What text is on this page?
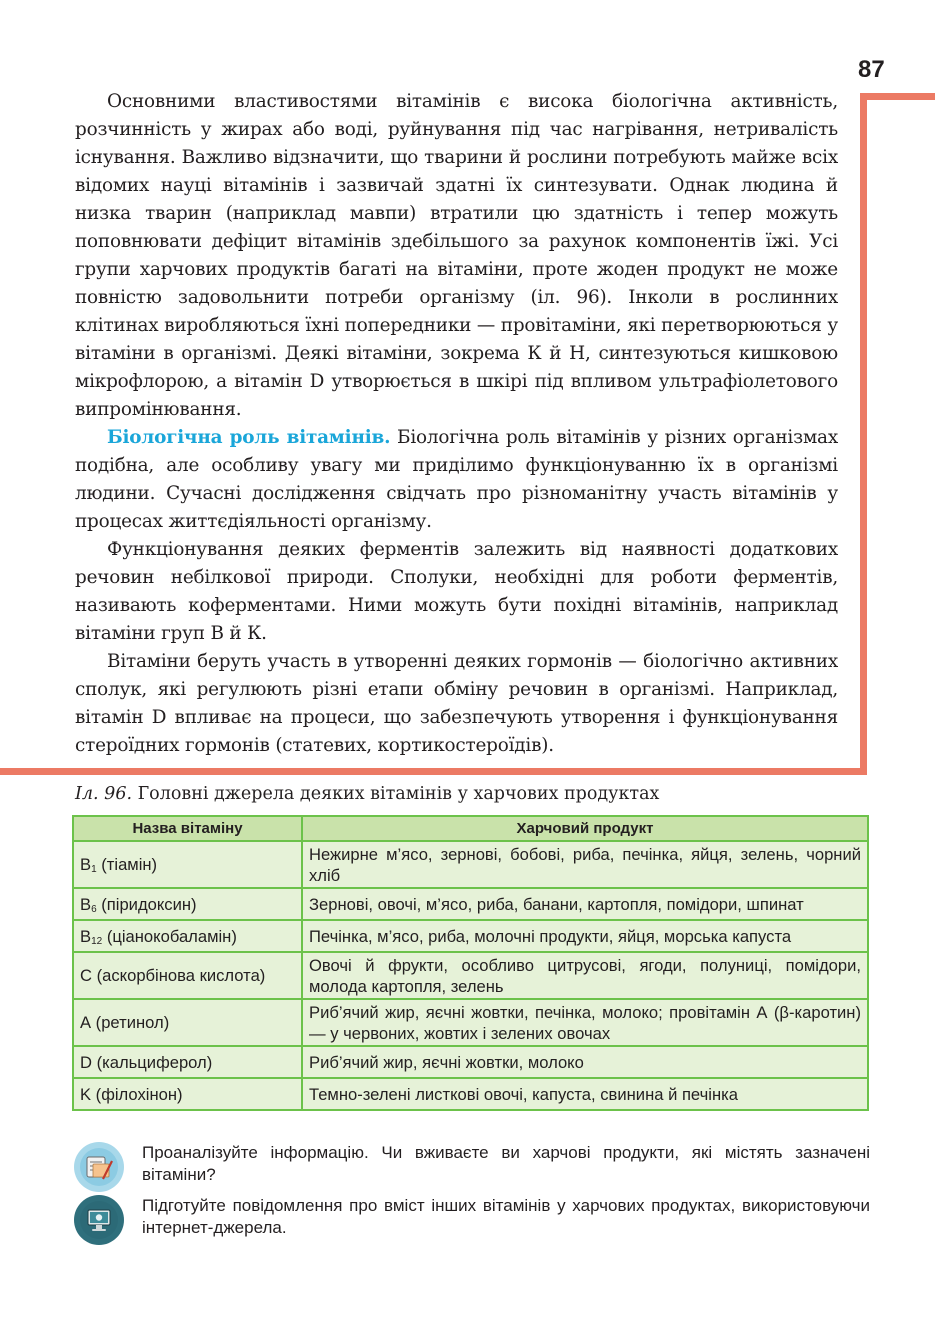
87

Основними властивостями вітамінів є висока біологічна активність, розчинність у жирах або воді, руйнування під час нагрівання, нетривалість існування. Важливо відзначити, що тварини й рослини потребують майже всіх відомих науці вітамінів і зазвичай здатні їх синтезувати. Однак людина й низка тварин (наприклад мавпи) втратили цю здатність і тепер можуть поповнювати дефіцит вітамінів здебільшого за рахунок компонентів їжі. Усі групи харчових продуктів багаті на вітаміни, проте жоден продукт не може повністю задовольнити потреби організму (іл. 96). Інколи в рослинних клітинах виробляються їхні попередники — провітаміни, які перетворюються у вітаміни в організмі. Деякі вітаміни, зокрема К й Н, синтезуються кишковою мікрофлорою, а вітамін D утворюється в шкірі під впливом ультрафіолетового випромінювання.

Біологічна роль вітамінів. Біологічна роль вітамінів у різних організмах подібна, але особливу увагу ми приділимо функціонуванню їх в організмі людини. Сучасні дослідження свідчать про різноманітну участь вітамінів у процесах життєдіяльності організму.

Функціонування деяких ферментів залежить від наявності додаткових речовин небілкової природи. Сполуки, необхідні для роботи ферментів, називають коферментами. Ними можуть бути похідні вітамінів, наприклад вітаміни груп В й К.

Вітаміни беруть участь в утворенні деяких гормонів — біологічно активних сполук, які регулюють різні етапи обміну речовин в організмі. Наприклад, вітамін D впливає на процеси, що забезпечують утворення і функціонування стероїдних гормонів (статевих, кортикостероїдів).

Іл. 96. Головні джерела деяких вітамінів у харчових продуктах
Назва вітаміну	Харчовий продукт
$В_1$ (тіамін)	Нежирне м’ясо, зернові, бобові, риба, печінка, яйця, зелень, чорний хліб
$В_6$ (піридоксин)	Зернові, овочі, м’ясо, риба, банани, картопля, помідори, шпинат
$В_{12}$ (ціанокобаламін)	Печінка, м’ясо, риба, молочні продукти, яйця, морська капуста
С (аскорбінова кислота)	Овочі й фрукти, особливо цитрусові, ягоди, полуниці, помідори, молода картопля, зелень
А (ретинол)	Риб’ячий жир, яєчні жовтки, печінка, молоко; провітамін А (β-каротин) — у червоних, жовтих і зелених овочах
D (кальциферол)	Риб’ячий жир, яєчні жовтки, молоко
K (філохінон)	Темно-зелені листкові овочі, капуста, свинина й печінка
Проаналізуйте інформацію. Чи вживаєте ви харчові продукти, які містять зазначені вітаміни?
Підготуйте повідомлення про вміст інших вітамінів у харчових продуктах, використовуючи інтернет-джерела.
